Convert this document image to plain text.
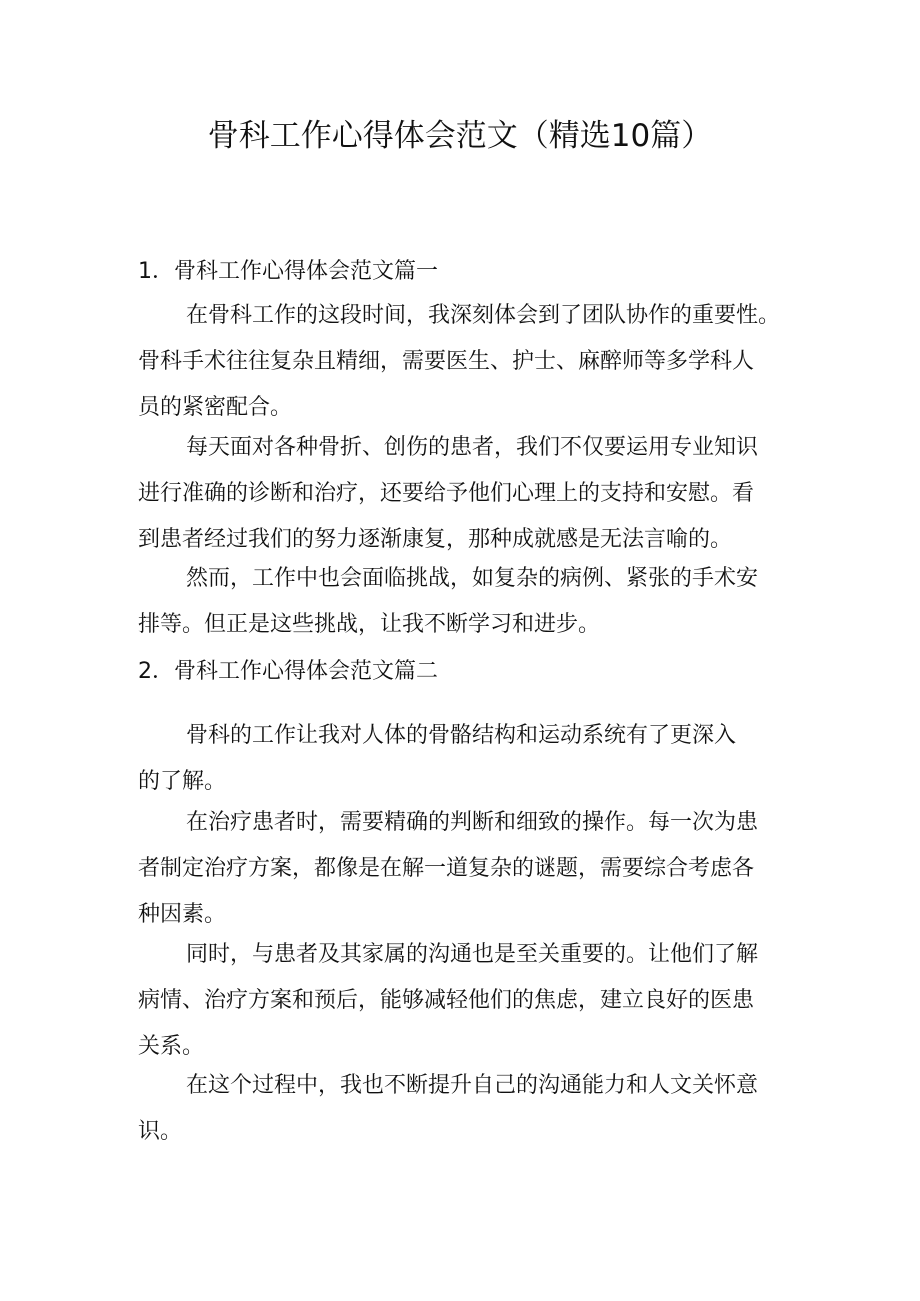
骨科工作心得体会范文（精选10篇）
1．骨科工作心得体会范文篇一
在骨科工作的这段时间，我深刻体会到了团队协作的重要性。
骨科手术往往复杂且精细，需要医生、护士、麻醉师等多学科人
员的紧密配合。
每天面对各种骨折、创伤的患者，我们不仅要运用专业知识
进行准确的诊断和治疗，还要给予他们心理上的支持和安慰。看
到患者经过我们的努力逐渐康复，那种成就感是无法言喻的。
然而，工作中也会面临挑战，如复杂的病例、紧张的手术安
排等。但正是这些挑战，让我不断学习和进步。
2．骨科工作心得体会范文篇二
骨科的工作让我对人体的骨骼结构和运动系统有了更深入
的了解。
在治疗患者时，需要精确的判断和细致的操作。每一次为患
者制定治疗方案，都像是在解一道复杂的谜题，需要综合考虑各
种因素。
同时，与患者及其家属的沟通也是至关重要的。让他们了解
病情、治疗方案和预后，能够减轻他们的焦虑，建立良好的医患
关系。
在这个过程中，我也不断提升自己的沟通能力和人文关怀意
识。
